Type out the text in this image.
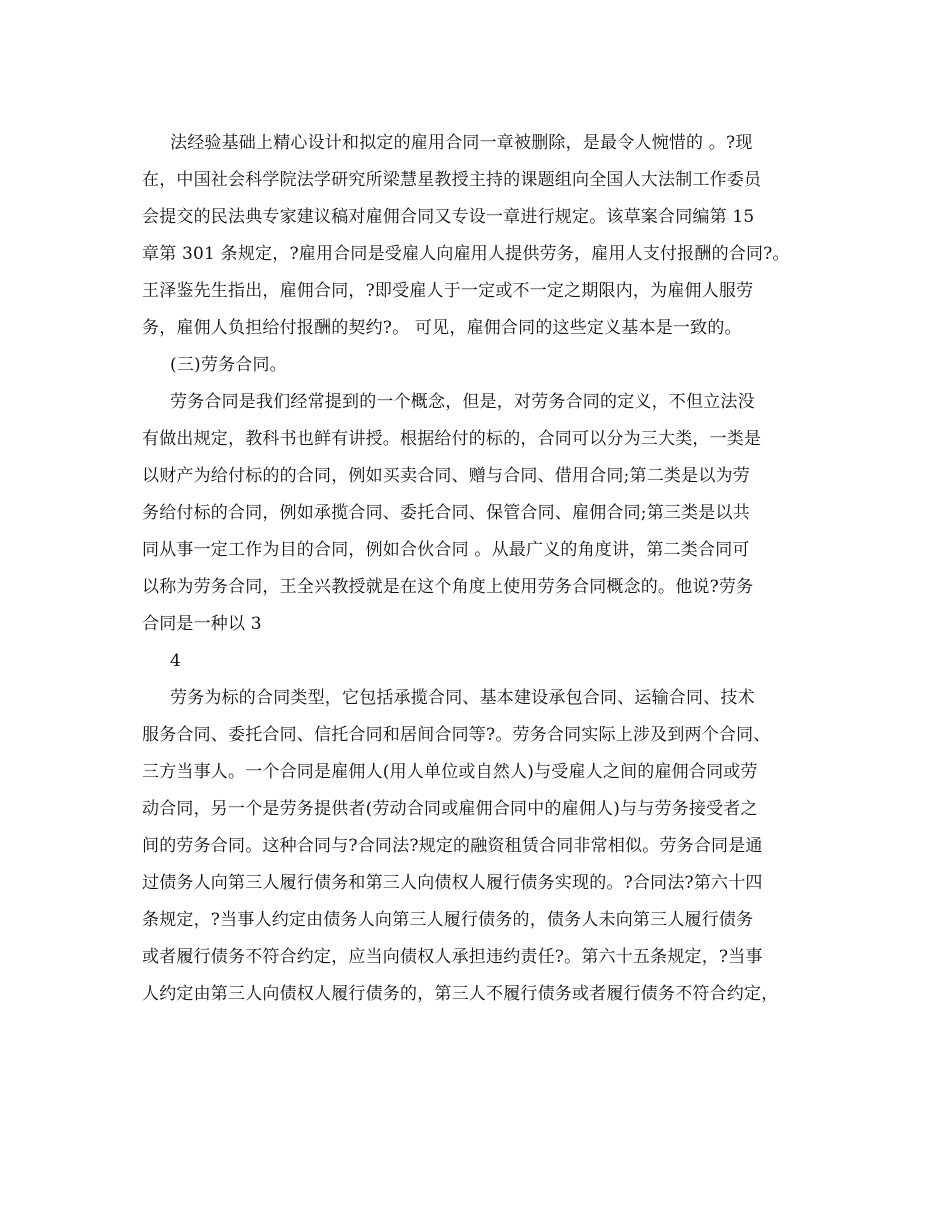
法经验基础上精心设计和拟定的雇用合同一章被删除，是最令人惋惜的 。?现
在，中国社会科学院法学研究所梁慧星教授主持的课题组向全国人大法制工作委员
会提交的民法典专家建议稿对雇佣合同又专设一章进行规定。该草案合同编第 15
章第 301 条规定，?雇用合同是受雇人向雇用人提供劳务，雇用人支付报酬的合同?。
王泽鉴先生指出，雇佣合同，?即受雇人于一定或不一定之期限内，为雇佣人服劳
务，雇佣人负担给付报酬的契约?。 可见，雇佣合同的这些定义基本是一致的。
(三)劳务合同。
劳务合同是我们经常提到的一个概念，但是，对劳务合同的定义，不但立法没
有做出规定，教科书也鲜有讲授。根据给付的标的，合同可以分为三大类，一类是
以财产为给付标的的合同，例如买卖合同、赠与合同、借用合同;第二类是以为劳
务给付标的合同，例如承揽合同、委托合同、保管合同、雇佣合同;第三类是以共
同从事一定工作为目的合同，例如合伙合同 。从最广义的角度讲，第二类合同可
以称为劳务合同，王全兴教授就是在这个角度上使用劳务合同概念的。他说?劳务
合同是一种以 3
4
劳务为标的合同类型，它包括承揽合同、基本建设承包合同、运输合同、技术
服务合同、委托合同、信托合同和居间合同等?。劳务合同实际上涉及到两个合同、
三方当事人。一个合同是雇佣人(用人单位或自然人)与受雇人之间的雇佣合同或劳
动合同，另一个是劳务提供者(劳动合同或雇佣合同中的雇佣人)与与劳务接受者之
间的劳务合同。这种合同与?合同法?规定的融资租赁合同非常相似。劳务合同是通
过债务人向第三人履行债务和第三人向债权人履行债务实现的。?合同法?第六十四
条规定，?当事人约定由债务人向第三人履行债务的，债务人未向第三人履行债务
或者履行债务不符合约定，应当向债权人承担违约责任?。第六十五条规定，?当事
人约定由第三人向债权人履行债务的，第三人不履行债务或者履行债务不符合约定，
